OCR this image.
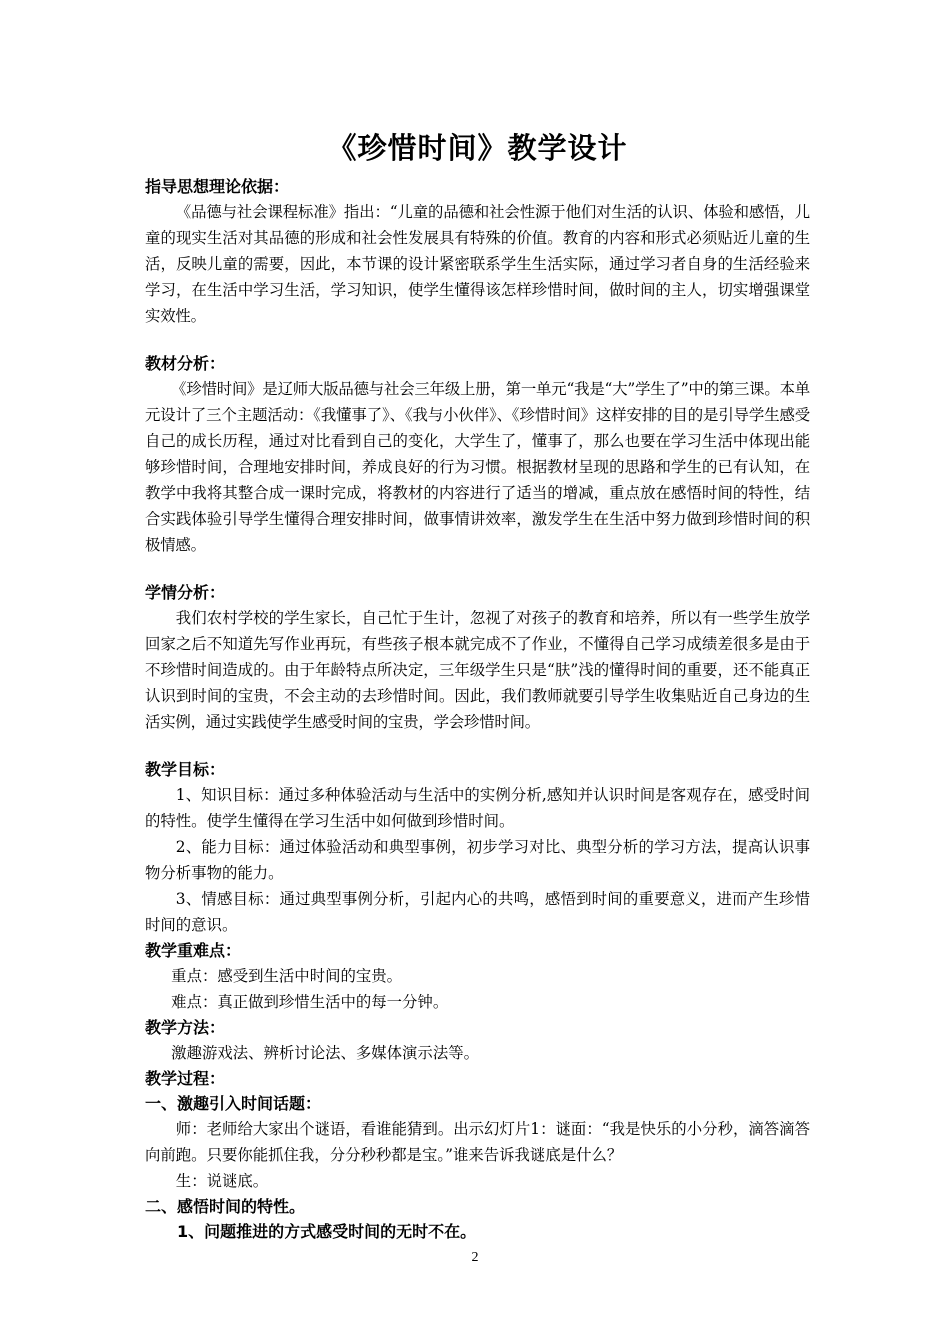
《珍惜时间》教学设计
指导思想理论依据：
《品德与社会课程标准》指出：“儿童的品德和社会性源于他们对生活的认识、体验和感悟，儿童的现实生活对其品德的形成和社会性发展具有特殊的价值。教育的内容和形式必须贴近儿童的生活，反映儿童的需要，因此，本节课的设计紧密联系学生生活实际，通过学习者自身的生活经验来学习，在生活中学习生活，学习知识，使学生懂得该怎样珍惜时间，做时间的主人，切实增强课堂实效性。
教材分析：
《珍惜时间》是辽师大版品德与社会三年级上册，第一单元“我是“大”学生了”中的第三课。本单元设计了三个主题活动：《我懂事了》、《我与小伙伴》、《珍惜时间》这样安排的目的是引导学生感受自己的成长历程，通过对比看到自己的变化，大学生了，懂事了，那么也要在学习生活中体现出能够珍惜时间，合理地安排时间，养成良好的行为习惯。根据教材呈现的思路和学生的已有认知，在教学中我将其整合成一课时完成，将教材的内容进行了适当的增减，重点放在感悟时间的特性，结合实践体验引导学生懂得合理安排时间，做事情讲效率，激发学生在生活中努力做到珍惜时间的积极情感。
学情分析：
我们农村学校的学生家长，自己忙于生计，忽视了对孩子的教育和培养，所以有一些学生放学回家之后不知道先写作业再玩，有些孩子根本就完成不了作业，不懂得自己学习成绩差很多是由于不珍惜时间造成的。由于年龄特点所决定，三年级学生只是“肤”浅的懂得时间的重要，还不能真正认识到时间的宝贵，不会主动的去珍惜时间。因此，我们教师就要引导学生收集贴近自己身边的生活实例，通过实践使学生感受时间的宝贵，学会珍惜时间。
教学目标：
1、知识目标：通过多种体验活动与生活中的实例分析,感知并认识时间是客观存在，感受时间的特性。使学生懂得在学习生活中如何做到珍惜时间。
2、能力目标：通过体验活动和典型事例，初步学习对比、典型分析的学习方法，提高认识事物分析事物的能力。
3、情感目标：通过典型事例分析，引起内心的共鸣，感悟到时间的重要意义，进而产生珍惜时间的意识。
教学重难点：
重点：感受到生活中时间的宝贵。
难点：真正做到珍惜生活中的每一分钟。
教学方法：
激趣游戏法、辨析讨论法、多媒体演示法等。
教学过程：
一、激趣引入时间话题：
师：老师给大家出个谜语，看谁能猜到。出示幻灯片1：谜面：“我是快乐的小分秒，滴答滴答向前跑。只要你能抓住我，分分秒秒都是宝。”谁来告诉我谜底是什么？
生：说谜底。
二、感悟时间的特性。
1、问题推进的方式感受时间的无时不在。
2
